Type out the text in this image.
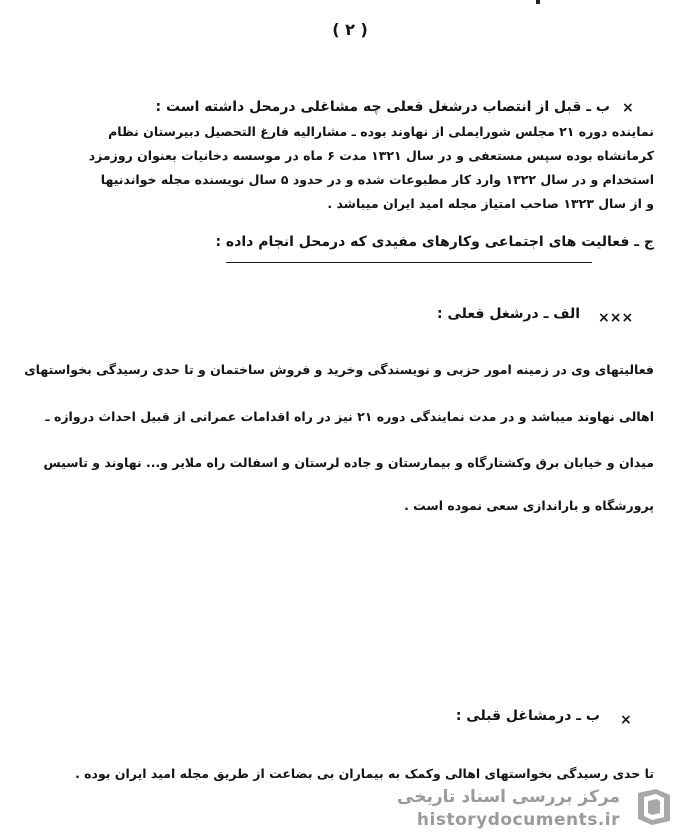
( ۲ )
×
ب ـ قبل از انتصاب درشغل فعلی چه مشاغلی درمحل داشته است :
نماینده دوره ۲۱ مجلس شورایملی از نهاوند بوده ـ مشارالیه فارغ التحصیل دبیرستان نظام
کرمانشاه بوده سپس مستعفی و در سال ۱۳۲۱ مدت ۶ ماه در موسسه دخانیات بعنوان روزمزد
استخدام و در سال ۱۳۲۲ وارد کار مطبوعات شده و در حدود ۵ سال نویسنده مجله خواندنیها
و از سال ۱۳۲۳ صاحب امتیاز مجله امید ایران میباشد .
ج ـ فعالیت های اجتماعی وکارهای مفیدی که درمحل انجام داده :
×××
الف ـ درشغل فعلی :
فعالیتهای وی در زمینه امور حزبی و نویسندگی وخرید و فروش ساختمان و تا حدی رسیدگی بخواستهای
اهالی نهاوند میباشد و در مدت نمایندگی دوره ۲۱ نیز در راه اقدامات عمرانی از قبیل احداث دروازه ـ
میدان و خیابان برق وکشتارگاه و بیمارستان و جاده لرستان و اسفالت راه ملایر و... نهاوند و تاسیس
پرورشگاه و باراندازی سعی نموده است .
×
ب ـ درمشاغل قبلی :
تا حدی رسیدگی بخواستهای اهالی وکمک به بیماران بی بضاعت از طریق مجله امید ایران بوده .
مرکز بررسی اسناد تاریخی
historydocuments.ir
